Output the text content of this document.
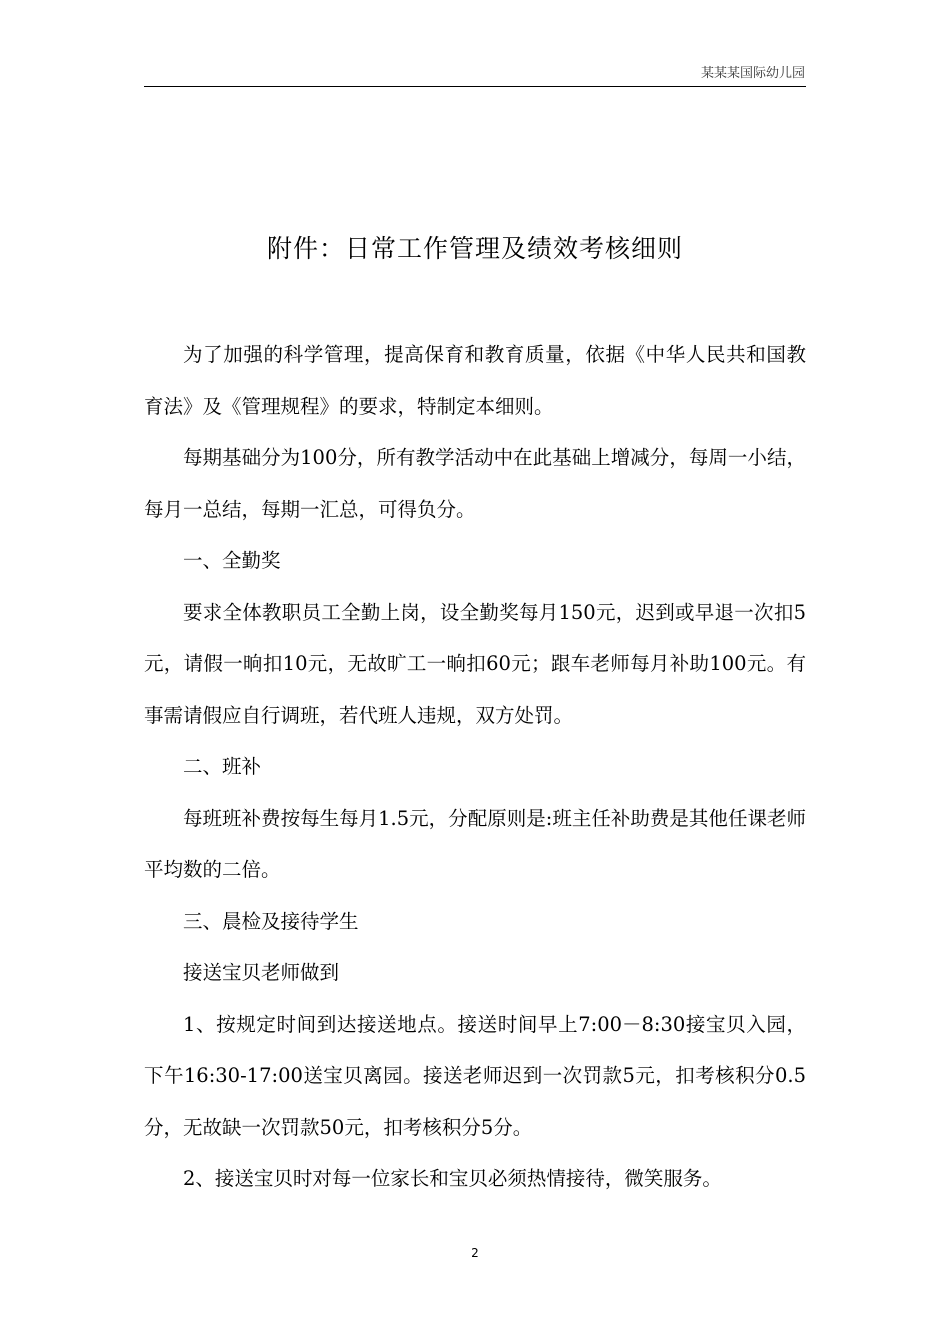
某某某国际幼儿园
附件：日常工作管理及绩效考核细则

为了加强的科学管理，提高保育和教育质量，依据《中华人民共和国教育法》及《管理规程》的要求，特制定本细则。

每期基础分为100分，所有教学活动中在此基础上增减分，每周一小结，每月一总结，每期一汇总，可得负分。

一、全勤奖

要求全体教职员工全勤上岗，设全勤奖每月150元，迟到或早退一次扣5元，请假一晌扣10元，无故旷工一晌扣60元；跟车老师每月补助100元。有事需请假应自行调班，若代班人违规，双方处罚。

二、班补

每班班补费按每生每月1.5元，分配原则是:班主任补助费是其他任课老师平均数的二倍。

三、晨检及接待学生

接送宝贝老师做到

1、按规定时间到达接送地点。接送时间早上7:00－8:30接宝贝入园，下午16:30-17:00送宝贝离园。接送老师迟到一次罚款5元，扣考核积分0.5分，无故缺一次罚款50元，扣考核积分5分。

2、接送宝贝时对每一位家长和宝贝必须热情接待，微笑服务。

2
